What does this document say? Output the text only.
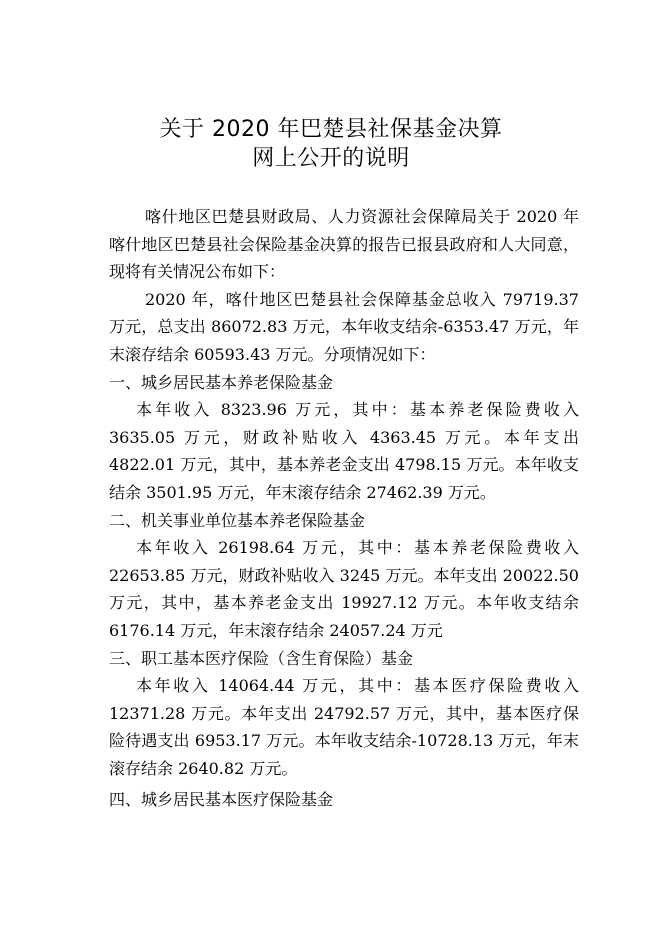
关于 2020 年巴楚县社保基金决算
网上公开的说明

喀什地区巴楚县财政局、人力资源社会保障局关于 2020 年喀什地区巴楚县社会保险基金决算的报告已报县政府和人大同意，现将有关情况公布如下：

2020 年，喀什地区巴楚县社会保障基金总收入 79719.37 万元，总支出 86072.83 万元，本年收支结余-6353.47 万元，年末滚存结余 60593.43 万元。分项情况如下：

一、城乡居民基本养老保险基金

本年收入 8323.96 万元，其中：基本养老保险费收入 3635.05 万元，财政补贴收入 4363.45 万元。本年支出 4822.01 万元，其中，基本养老金支出 4798.15 万元。本年收支结余 3501.95 万元，年末滚存结余 27462.39 万元。

二、机关事业单位基本养老保险基金

本年收入 26198.64 万元，其中：基本养老保险费收入 22653.85 万元，财政补贴收入 3245 万元。本年支出 20022.50 万元，其中，基本养老金支出 19927.12 万元。本年收支结余 6176.14 万元，年末滚存结余 24057.24 万元

三、职工基本医疗保险（含生育保险）基金

本年收入 14064.44 万元，其中：基本医疗保险费收入 12371.28 万元。本年支出 24792.57 万元，其中，基本医疗保险待遇支出 6953.17 万元。本年收支结余-10728.13 万元，年末滚存结余 2640.82 万元。

四、城乡居民基本医疗保险基金
